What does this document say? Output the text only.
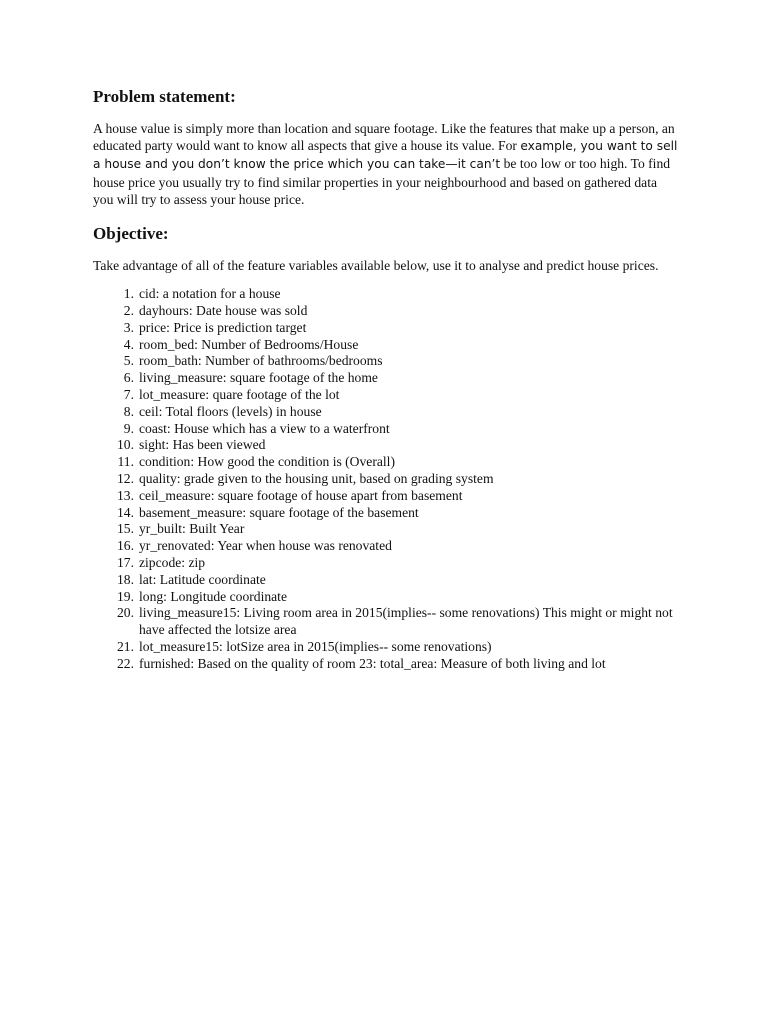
Problem statement:

A house value is simply more than location and square footage. Like the features that make up a person, an educated party would want to know all aspects that give a house its value. For example, you want to sell a house and you don’t know the price which you can take—it can’t be too low or too high. To find house price you usually try to find similar properties in your neighbourhood and based on gathered data you will try to assess your house price.

Objective:

Take advantage of all of the feature variables available below, use it to analyse and predict house prices.

1. cid: a notation for a house
2. dayhours: Date house was sold
3. price: Price is prediction target
4. room_bed: Number of Bedrooms/House
5. room_bath: Number of bathrooms/bedrooms
6. living_measure: square footage of the home
7. lot_measure: quare footage of the lot
8. ceil: Total floors (levels) in house
9. coast: House which has a view to a waterfront
10. sight: Has been viewed
11. condition: How good the condition is (Overall)
12. quality: grade given to the housing unit, based on grading system
13. ceil_measure: square footage of house apart from basement
14. basement_measure: square footage of the basement
15. yr_built: Built Year
16. yr_renovated: Year when house was renovated
17. zipcode: zip
18. lat: Latitude coordinate
19. long: Longitude coordinate
20. living_measure15: Living room area in 2015(implies-- some renovations) This might or might not have affected the lotsize area
21. lot_measure15: lotSize area in 2015(implies-- some renovations)
22. furnished: Based on the quality of room 23: total_area: Measure of both living and lot
